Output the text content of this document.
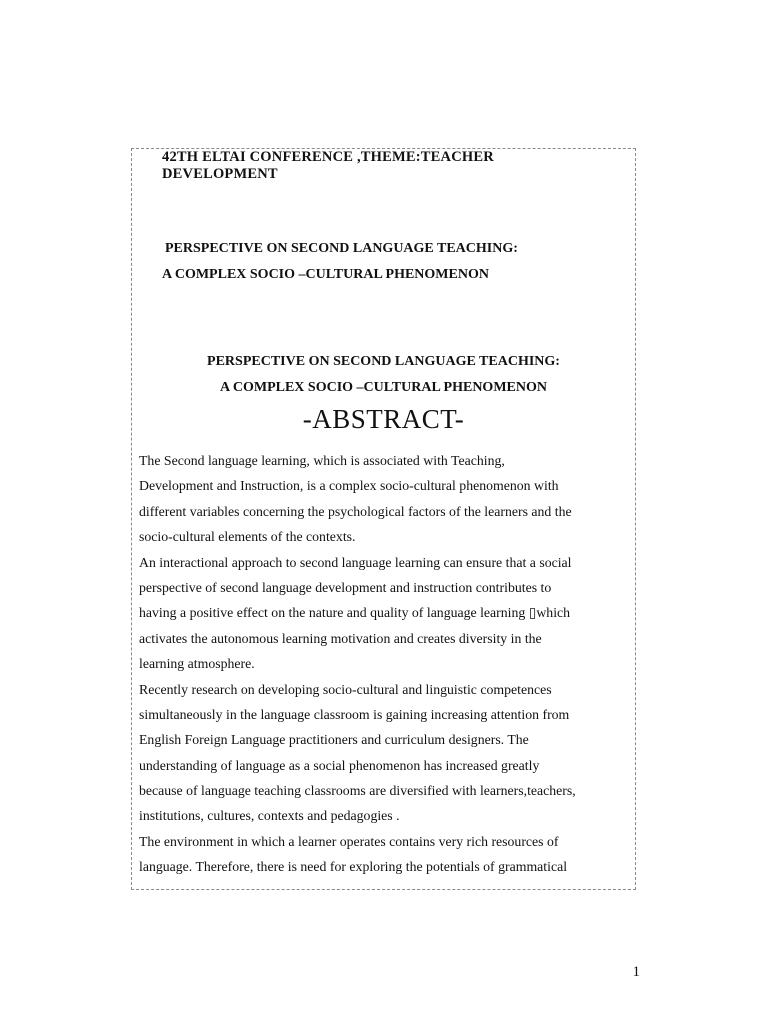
42TH ELTAI CONFERENCE ,THEME:TEACHER DEVELOPMENT
PERSPECTIVE ON SECOND LANGUAGE TEACHING:
A COMPLEX SOCIO –CULTURAL PHENOMENON
PERSPECTIVE ON SECOND LANGUAGE TEACHING:
A COMPLEX SOCIO –CULTURAL PHENOMENON
-ABSTRACT-
The Second language learning, which is associated with Teaching,
Development and Instruction, is a complex socio-cultural phenomenon with
different variables concerning the psychological factors of the learners and the
socio-cultural elements of the contexts.
An interactional approach to second language learning can ensure that a social
perspective of second language development and instruction contributes to
having a positive effect on the nature and quality of language learning ▯which
activates the autonomous learning motivation and creates diversity in the
learning atmosphere.
Recently research on developing socio-cultural and linguistic competences
simultaneously in the language classroom is gaining increasing attention from
English Foreign Language practitioners and curriculum designers. The
understanding of language as a social phenomenon has increased greatly
because of language teaching classrooms are diversified with learners,teachers,
institutions, cultures, contexts and pedagogies .
The environment in which a learner operates contains very rich resources of
language. Therefore, there is need for exploring the potentials of grammatical
1
